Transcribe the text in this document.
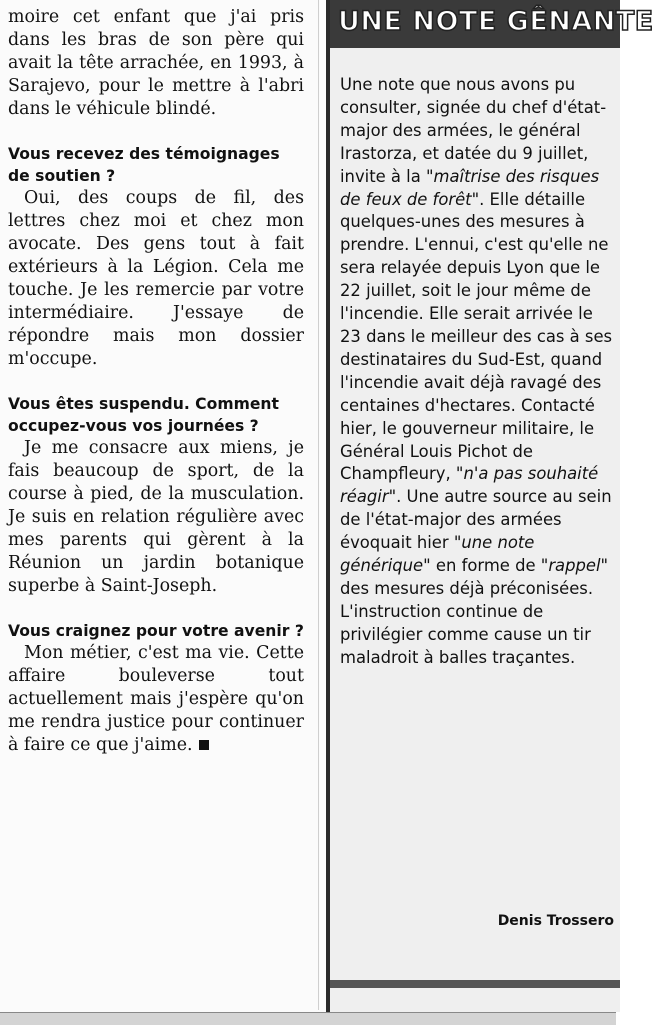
moire cet enfant que j'ai pris dans les bras de son père qui avait la tête arrachée, en 1993, à Sarajevo, pour le mettre à l'abri dans le véhicule blindé.

Vous recevez des témoignages de soutien ?

Oui, des coups de fil, des lettres chez moi et chez mon avocate. Des gens tout à fait extérieurs à la Légion. Cela me touche. Je les remercie par votre intermédiaire. J'essaye de répondre mais mon dossier m'occupe.

Vous êtes suspendu. Comment occupez-vous vos journées ?

Je me consacre aux miens, je fais beaucoup de sport, de la course à pied, de la musculation. Je suis en relation régulière avec mes parents qui gèrent à la Réunion un jardin botanique superbe à Saint-Joseph.

Vous craignez pour votre avenir ?

Mon métier, c'est ma vie. Cette affaire bouleverse tout actuellement mais j'espère qu'on me rendra justice pour continuer à faire ce que j'aime.

UNE NOTE GÊNANTE
Une note que nous avons pu consulter, signée du chef d'état-major des armées, le général Irastorza, et datée du 9 juillet, invite à la "maîtrise des risques de feux de forêt". Elle détaille quelques-unes des mesures à prendre. L'ennui, c'est qu'elle ne sera relayée depuis Lyon que le 22 juillet, soit le jour même de l'incendie. Elle serait arrivée le 23 dans le meilleur des cas à ses destinataires du Sud-Est, quand l'incendie avait déjà ravagé des centaines d'hectares. Contacté hier, le gouverneur militaire, le Général Louis Pichot de Champfleury, "n'a pas souhaité réagir". Une autre source au sein de l'état-major des armées évoquait hier "une note générique" en forme de "rappel" des mesures déjà préconisées. L'instruction continue de privilégier comme cause un tir maladroit à balles traçantes.
Denis Trossero
